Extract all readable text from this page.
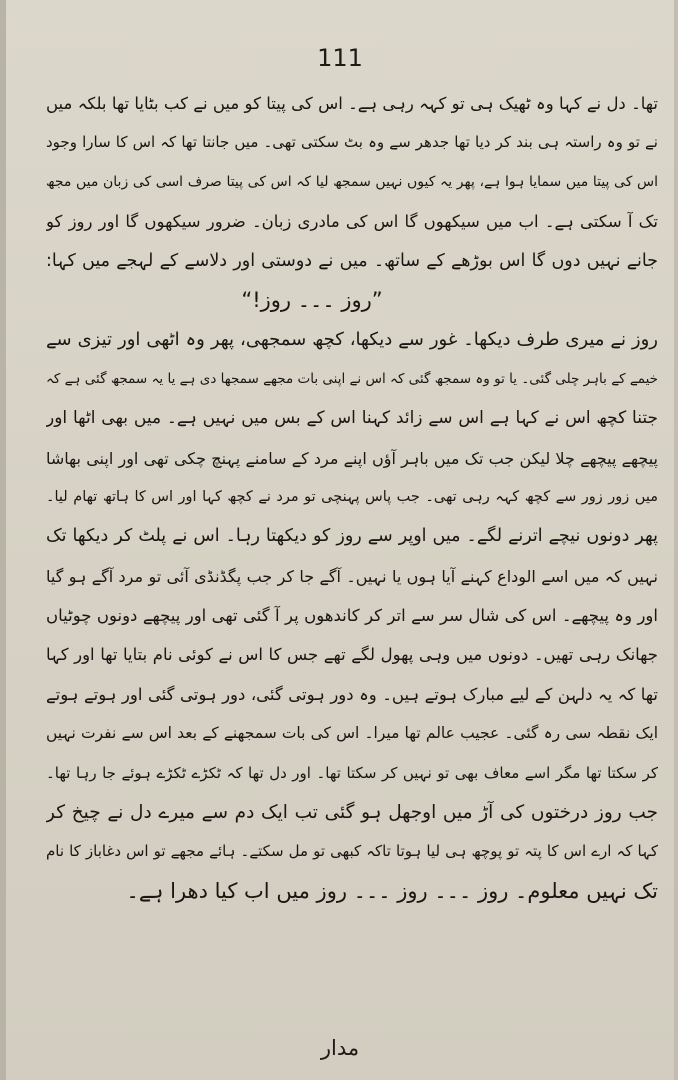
111
تھا۔ دل نے کہا وہ ٹھیک ہی تو کہہ رہی ہے۔ اس کی پیتا کو میں نے کب بٹایا تھا بلکہ میں
نے تو وہ راستہ ہی بند کر دیا تھا جدھر سے وہ بٹ سکتی تھی۔ میں جانتا تھا کہ اس کا سارا وجود
اس کی پیتا میں سمایا ہوا ہے، پھر یہ کیوں نہیں سمجھ لیا کہ اس کی پیتا صرف اسی کی زبان میں مجھ
تک آ سکتی ہے۔ اب میں سیکھوں گا اس کی مادری زبان۔ ضرور سیکھوں گا اور روز کو
جانے نہیں دوں گا اس بوڑھے کے ساتھ۔ میں نے دوستی اور دلاسے کے لہجے میں کہا:
”روز ۔۔۔ روز!“
روز نے میری طرف دیکھا۔ غور سے دیکھا، کچھ سمجھی، پھر وہ اٹھی اور تیزی سے
خیمے کے باہر چلی گئی۔ یا تو وہ سمجھ گئی کہ اس نے اپنی بات مجھے سمجھا دی ہے یا یہ سمجھ گئی ہے کہ
جتنا کچھ اس نے کہا ہے اس سے زائد کہنا اس کے بس میں نہیں ہے۔ میں بھی اٹھا اور
پیچھے پیچھے چلا لیکن جب تک میں باہر آؤں اپنے مرد کے سامنے پہنچ چکی تھی اور اپنی بھاشا
میں زور زور سے کچھ کہہ رہی تھی۔ جب پاس پہنچی تو مرد نے کچھ کہا اور اس کا ہاتھ تھام لیا۔
پھر دونوں نیچے اترنے لگے۔ میں اوپر سے روز کو دیکھتا رہا۔ اس نے پلٹ کر دیکھا تک
نہیں کہ میں اسے الوداع کہنے آیا ہوں یا نہیں۔ آگے جا کر جب پگڈنڈی آئی تو مرد آگے ہو گیا
اور وہ پیچھے۔ اس کی شال سر سے اتر کر کاندھوں پر آ گئی تھی اور پیچھے دونوں چوٹیاں
جھانک رہی تھیں۔ دونوں میں وہی پھول لگے تھے جس کا اس نے کوئی نام بتایا تھا اور کہا
تھا کہ یہ دلہن کے لیے مبارک ہوتے ہیں۔ وہ دور ہوتی گئی، دور ہوتی گئی اور ہوتے ہوتے
ایک نقطہ سی رہ گئی۔ عجیب عالم تھا میرا۔ اس کی بات سمجھنے کے بعد اس سے نفرت نہیں
کر سکتا تھا مگر اسے معاف بھی تو نہیں کر سکتا تھا۔ اور دل تھا کہ ٹکڑے ٹکڑے ہوئے جا رہا تھا۔
جب روز درختوں کی آڑ میں اوجھل ہو گئی تب ایک دم سے میرے دل نے چیخ کر
کہا کہ ارے اس کا پتہ تو پوچھ ہی لیا ہوتا تاکہ کبھی تو مل سکتے۔ ہائے مجھے تو اس دغاباز کا نام
تک نہیں معلوم۔ روز ۔۔۔ روز ۔۔۔ روز میں اب کیا دھرا ہے۔
مدار
